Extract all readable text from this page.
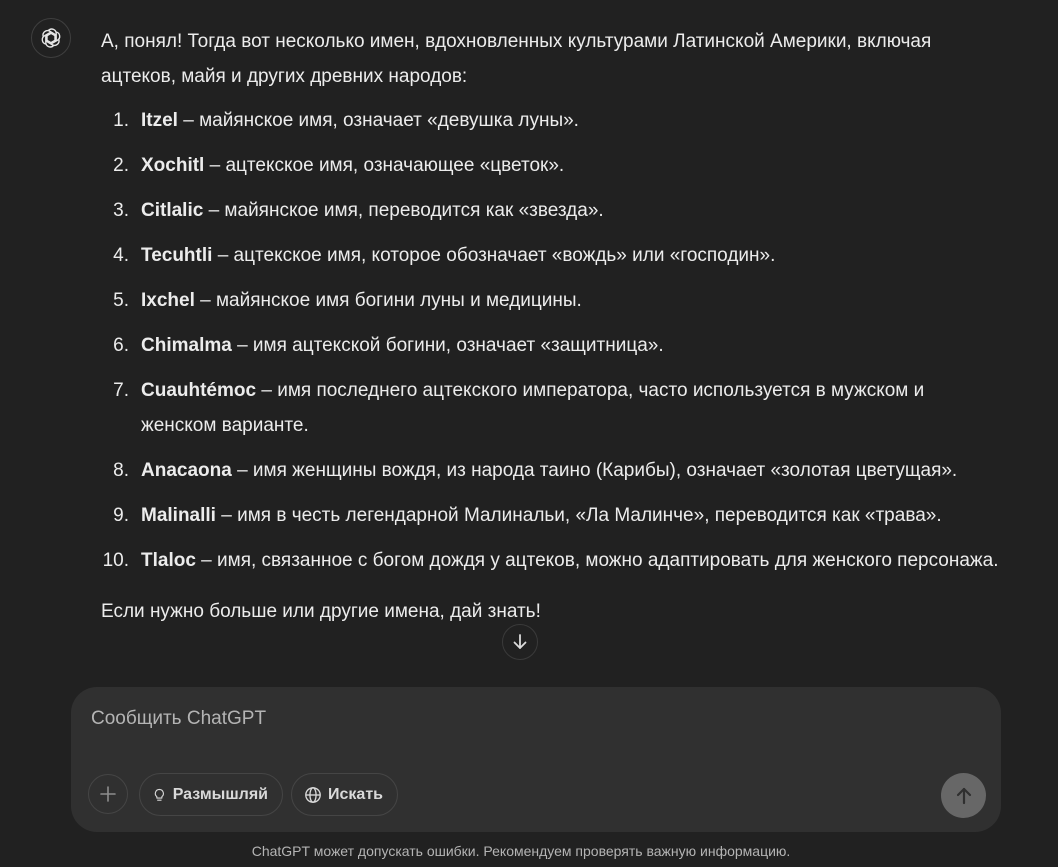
А, понял! Тогда вот несколько имен, вдохновленных культурами Латинской Америки, включая ацтеков, майя и других древних народов:

1. Itzel – майянское имя, означает «девушка луны».
2. Xochitl – ацтекское имя, означающее «цветок».
3. Citlalic – майянское имя, переводится как «звезда».
4. Tecuhtli – ацтекское имя, которое обозначает «вождь» или «господин».
5. Ixchel – майянское имя богини луны и медицины.
6. Chimalma – имя ацтекской богини, означает «защитница».
7. Cuauhtémoc – имя последнего ацтекского императора, часто используется в мужском и женском варианте.
8. Anacaona – имя женщины вождя, из народа таино (Карибы), означает «золотая цветущая».
9. Malinalli – имя в честь легендарной Малинальи, «Ла Малинче», переводится как «трава».
10. Tlaloc – имя, связанное с богом дождя у ацтеков, можно адаптировать для женского персонажа.

Если нужно больше или другие имена, дай знать!

Сообщить ChatGPT
Размышляй	Искать
ChatGPT может допускать ошибки. Рекомендуем проверять важную информацию.
